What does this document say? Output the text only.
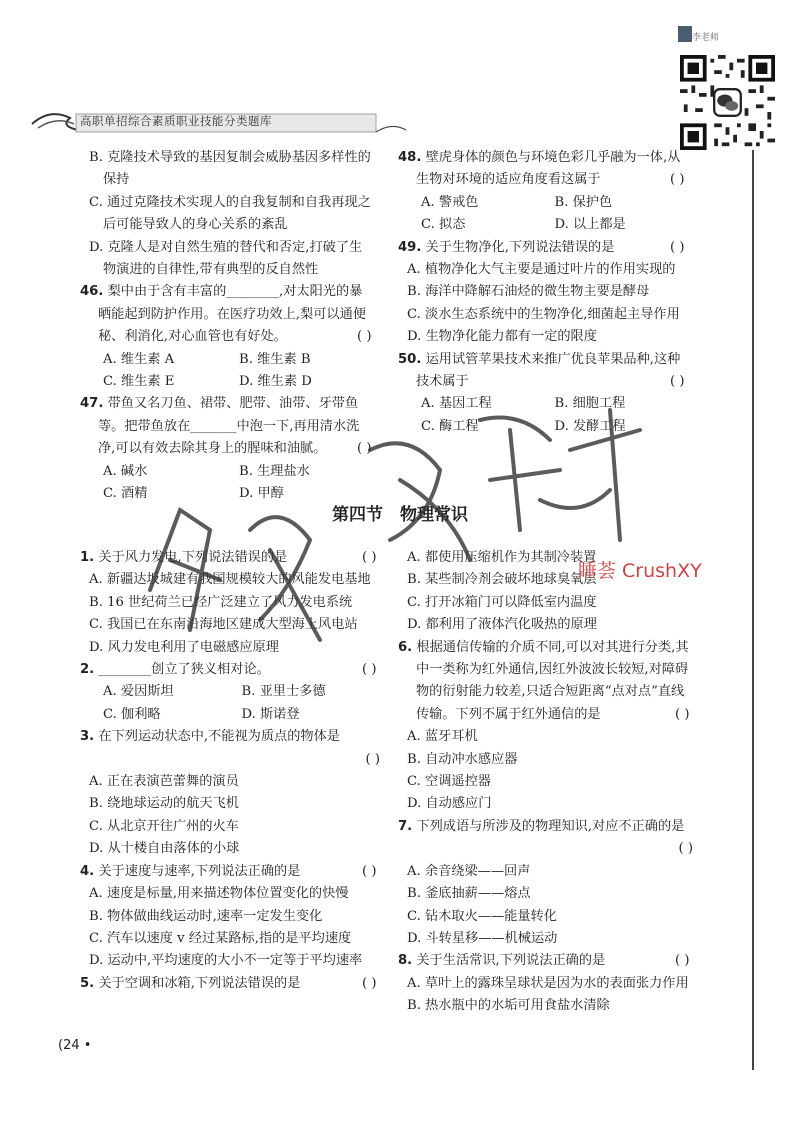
高职单招综合素质职业技能分类题库
李老师

B. 克隆技术导致的基因复制会威胁基因多样性的保持

C. 通过克隆技术实现人的自我复制和自我再现之后可能导致人的身心关系的紊乱

D. 克隆人是对自然生殖的替代和否定,打破了生物演进的自律性,带有典型的反自然性

46. 梨中由于含有丰富的________,对太阳光的暴晒能起到防护作用。在医疗功效上,梨可以通便秘、利消化,对心血管也有好处。	( )

A. 维生素 A	B. 维生素 B

C. 维生素 E	D. 维生素 D

47. 带鱼又名刀鱼、裙带、肥带、油带、牙带鱼等。把带鱼放在_______中泡一下,再用清水洗净,可以有效去除其身上的腥味和油腻。 ( )

A. 碱水	B. 生理盐水

C. 酒精	D. 甲醇

48. 壁虎身体的颜色与环境色彩几乎融为一体,从生物对环境的适应角度看这属于	( )

A. 警戒色	B. 保护色

C. 拟态	D. 以上都是

49. 关于生物净化,下列说法错误的是	( )

A. 植物净化大气主要是通过叶片的作用实现的

B. 海洋中降解石油烃的微生物主要是酵母

C. 淡水生态系统中的生物净化,细菌起主导作用

D. 生物净化能力都有一定的限度

50. 运用试管苹果技术来推广优良苹果品种,这种技术属于	( )

A. 基因工程	B. 细胞工程

C. 酶工程	D. 发酵工程

第四节　物理常识

1. 关于风力发电,下列说法错误的是	( )

A. 新疆达坂城建有我国规模较大的风能发电基地

B. 16 世纪荷兰已经广泛建立了风力发电系统

C. 我国已在东南沿海地区建成大型海上风电站

D. 风力发电利用了电磁感应原理

2. ________创立了狭义相对论。	( )

A. 爱因斯坦	B. 亚里士多德

C. 伽利略	D. 斯诺登

3. 在下列运动状态中,不能视为质点的物体是

( )

A. 正在表演芭蕾舞的演员

B. 绕地球运动的航天飞机

C. 从北京开往广州的火车

D. 从十楼自由落体的小球

4. 关于速度与速率,下列说法正确的是	( )

A. 速度是标量,用来描述物体位置变化的快慢

B. 物体做曲线运动时,速率一定发生变化

C. 汽车以速度 v 经过某路标,指的是平均速度

D. 运动中,平均速度的大小不一定等于平均速率

5. 关于空调和冰箱,下列说法错误的是	( )

A. 都使用压缩机作为其制冷装置

B. 某些制冷剂会破坏地球臭氧层

C. 打开冰箱门可以降低室内温度

D. 都利用了液体汽化吸热的原理

6. 根据通信传输的介质不同,可以对其进行分类,其中一类称为红外通信,因红外波波长较短,对障碍物的衍射能力较差,只适合短距离“点对点”直线传输。下列不属于红外通信的是	( )

A. 蓝牙耳机

B. 自动冲水感应器

C. 空调遥控器

D. 自动感应门

7. 下列成语与所涉及的物理知识,对应不正确的是

( )

A. 余音绕梁——回声

B. 釜底抽薪——熔点

C. 钻木取火——能量转化

D. 斗转星移——机械运动

8. 关于生活常识,下列说法正确的是	( )

A. 草叶上的露珠呈球状是因为水的表面张力作用

B. 热水瓶中的水垢可用食盐水清除

睡荟 CrushXY
(24 •
